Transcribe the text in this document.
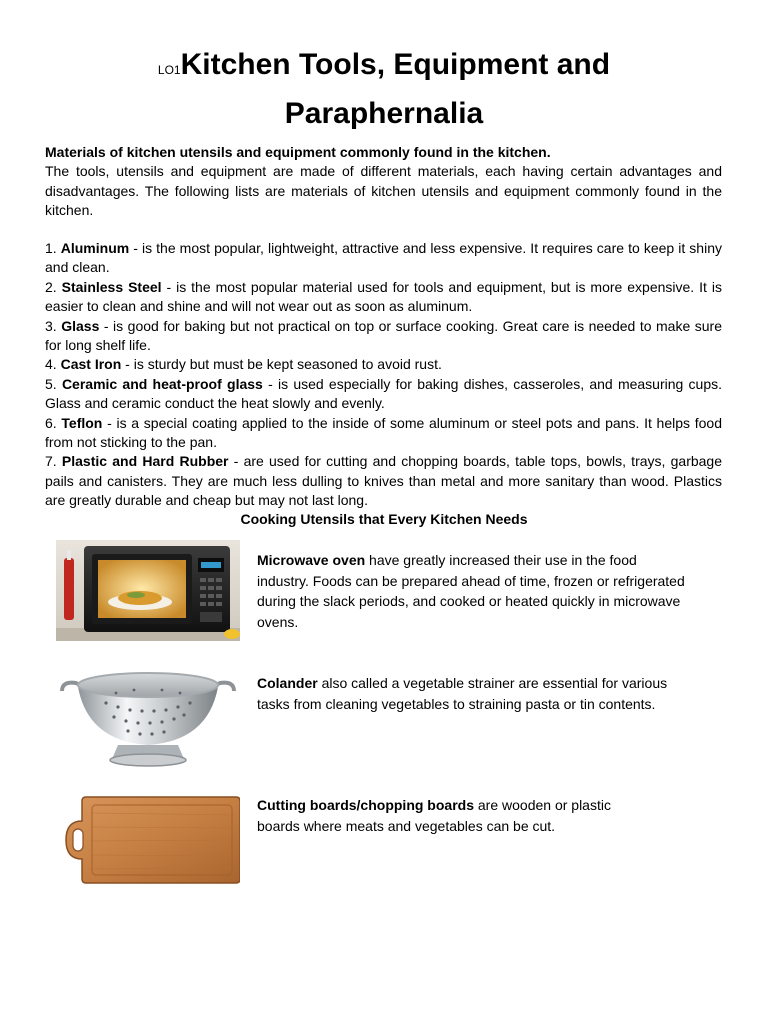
LO1Kitchen Tools, Equipment and
Paraphernalia
Materials of kitchen utensils and equipment commonly found in the kitchen.
The tools, utensils and equipment are made of different materials, each having certain advantages and disadvantages. The following lists are materials of kitchen utensils and equipment commonly found in the kitchen.

1. Aluminum - is the most popular, lightweight, attractive and less expensive. It requires care to keep it shiny and clean.

2. Stainless Steel - is the most popular material used for tools and equipment, but is more expensive. It is easier to clean and shine and will not wear out as soon as aluminum.

3. Glass - is good for baking but not practical on top or surface cooking. Great care is needed to make sure for long shelf life.

4. Cast Iron - is sturdy but must be kept seasoned to avoid rust.

5. Ceramic and heat-proof glass - is used especially for baking dishes, casseroles, and measuring cups. Glass and ceramic conduct the heat slowly and evenly.

6. Teflon - is a special coating applied to the inside of some aluminum or steel pots and pans. It helps food from not sticking to the pan.

7. Plastic and Hard Rubber - are used for cutting and chopping boards, table tops, bowls, trays, garbage pails and canisters. They are much less dulling to knives than metal and more sanitary than wood. Plastics are greatly durable and cheap but may not last long.

Cooking Utensils that Every Kitchen Needs
Microwave oven have greatly increased their use in the food industry. Foods can be prepared ahead of time, frozen or refrigerated during the slack periods, and cooked or heated quickly in microwave ovens.
Colander also called a vegetable strainer are essential for various tasks from cleaning vegetables to straining pasta or tin contents.
Cutting boards/chopping boards are wooden or plastic boards where meats and vegetables can be cut.
